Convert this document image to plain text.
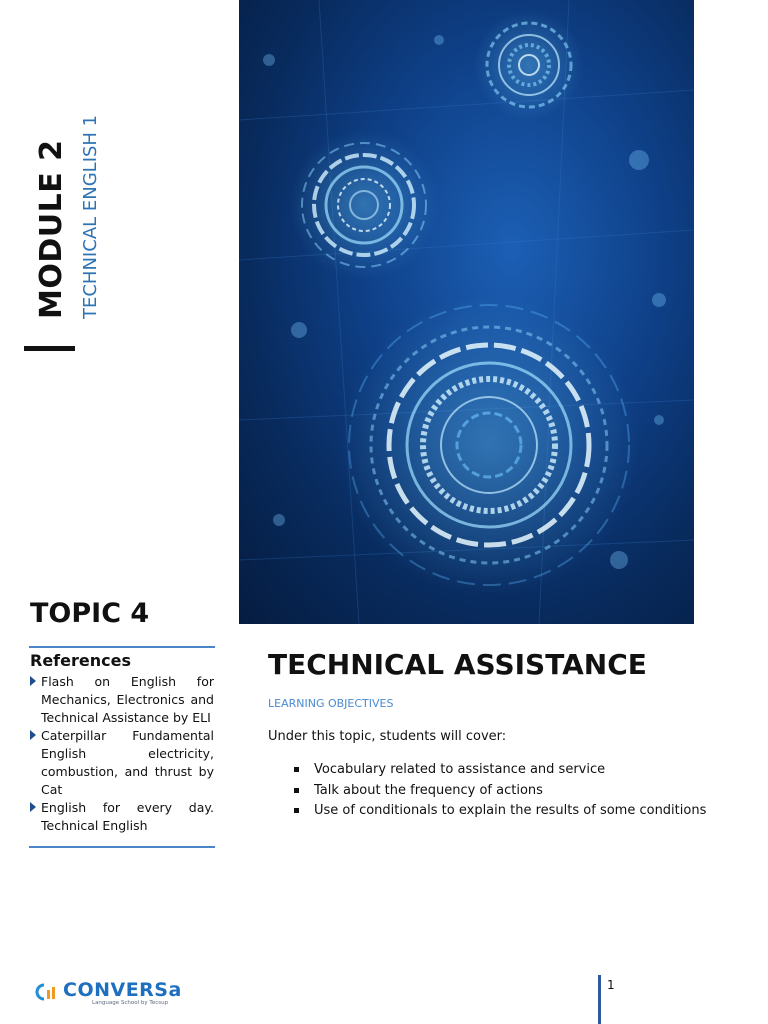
MODULE 2 TECHNICAL ENGLISH 1
TOPIC 4
References
Flash on English for Mechanics, Electronics and Technical Assistance by ELI
Caterpillar Fundamental English electricity, combustion, and thrust by Cat
English for every day. Technical English
TECHNICAL ASSISTANCE
LEARNING OBJECTIVES
Under this topic, students will cover:
Vocabulary related to assistance and service
Talk about the frequency of actions
Use of conditionals to explain the results of some conditions
CONVERSa
Language School by Tecsup
1
